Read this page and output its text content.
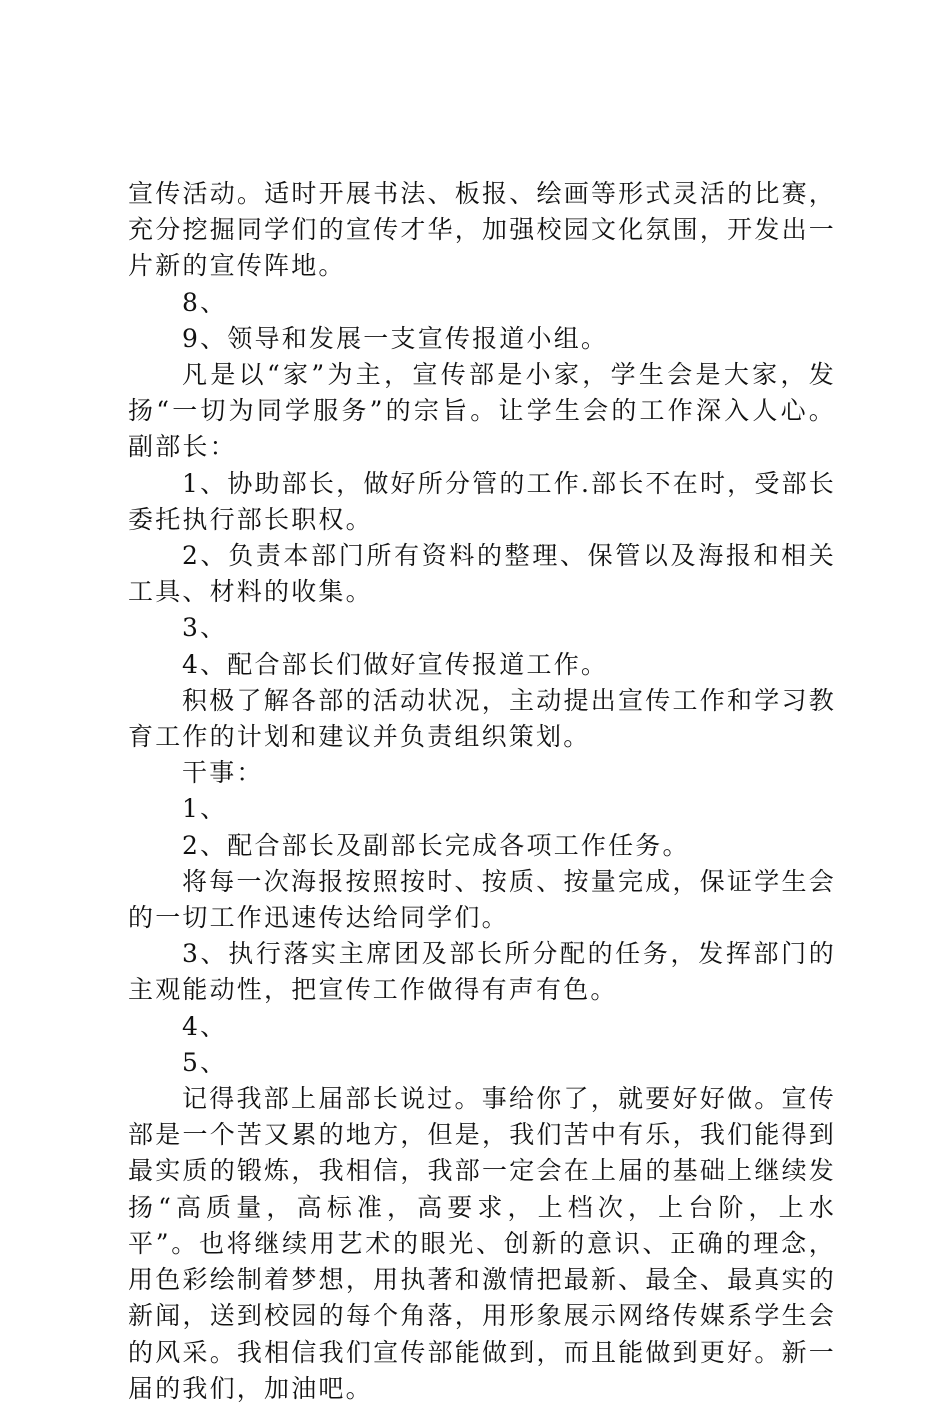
宣传活动。适时开展书法、板报、绘画等形式灵活的比赛，充分挖掘同学们的宣传才华，加强校园文化氛围，开发出一片新的宣传阵地。

8、

9、领导和发展一支宣传报道小组。

凡是以“家”为主，宣传部是小家，学生会是大家，发扬“一切为同学服务”的宗旨。让学生会的工作深入人心。副部长：

1、协助部长，做好所分管的工作.部长不在时，受部长委托执行部长职权。

2、负责本部门所有资料的整理、保管以及海报和相关工具、材料的收集。

3、

4、配合部长们做好宣传报道工作。

积极了解各部的活动状况，主动提出宣传工作和学习教育工作的计划和建议并负责组织策划。

干事：

1、

2、配合部长及副部长完成各项工作任务。

将每一次海报按照按时、按质、按量完成，保证学生会的一切工作迅速传达给同学们。

3、执行落实主席团及部长所分配的任务，发挥部门的主观能动性，把宣传工作做得有声有色。

4、

5、

记得我部上届部长说过。事给你了，就要好好做。宣传部是一个苦又累的地方，但是，我们苦中有乐，我们能得到最实质的锻炼，我相信，我部一定会在上届的基础上继续发扬“高质量，高标准，高要求，上档次，上台阶，上水平”。也将继续用艺术的眼光、创新的意识、正确的理念，用色彩绘制着梦想，用执著和激情把最新、最全、最真实的新闻，送到校园的每个角落，用形象展示网络传媒系学生会的风采。我相信我们宣传部能做到，而且能做到更好。新一届的我们，加油吧。
